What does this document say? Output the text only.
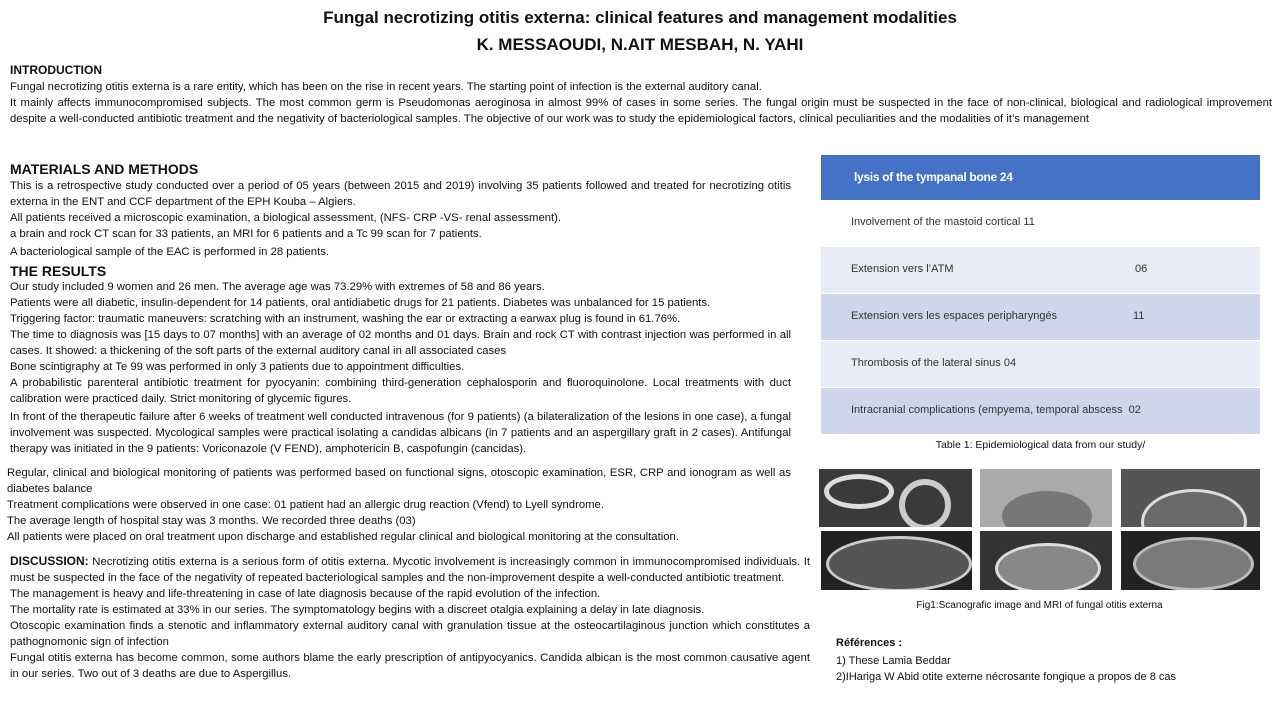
Fungal necrotizing otitis externa: clinical features and management modalities
K. MESSAOUDI, N.AIT MESBAH, N. YAHI
INTRODUCTION
Fungal necrotizing otitis externa is a rare entity, which has been on the rise in recent years. The starting point of infection is the external auditory canal.
It mainly affects immunocompromised subjects. The most common germ is Pseudomonas aeroginosa in almost 99% of cases in some series. The fungal origin must be suspected in the face of non-clinical, biological and radiological improvement despite a well-conducted antibiotic treatment and the negativity of bacteriological samples. The objective of our work was to study the epidemiological factors, clinical peculiarities and the modalities of it’s management
MATERIALS AND METHODS
This is a retrospective study conducted over a period of 05 years (between 2015 and 2019) involving 35 patients followed and treated for necrotizing otitis externa in the ENT and CCF department of the EPH Kouba – Algiers.
All patients received a microscopic examination, a biological assessment, (NFS- CRP -VS- renal assessment).
a brain and rock CT scan for 33 patients, an MRI for 6 patients and a Tc 99 scan for 7 patients.
A bacteriological sample of the EAC is performed in 28 patients.
THE RESULTS
Our study included 9 women and 26 men. The average age was 73.29% with extremes of 58 and 86 years.
Patients were all diabetic, insulin-dependent for 14 patients, oral antidiabetic drugs for 21 patients. Diabetes was unbalanced for 15 patients.
Triggering factor: traumatic maneuvers: scratching with an instrument, washing the ear or extracting a earwax plug is found in 61.76%.
The time to diagnosis was [15 days to 07 months] with an average of 02 months and 01 days. Brain and rock CT with contrast injection was performed in all cases. It showed: a thickening of the soft parts of the external auditory canal in all associated cases
Bone scintigraphy at Te 99 was performed in only 3 patients due to appointment difficulties.
A probabilistic parenteral antibiotic treatment for pyocyanin: combining third-generation cephalosporin and fluoroquinolone. Local treatments with duct calibration were practiced daily. Strict monitoring of glycemic figures.
In front of the therapeutic failure after 6 weeks of treatment well conducted intravenous (for 9 patients) (a bilateralization of the lesions in one case), a fungal involvement was suspected. Mycological samples were practical isolating a candidas albicans (in 7 patients and an aspergillary graft in 2 cases). Antifungal therapy was initiated in the 9 patients: Voriconazole (V FEND), amphotericin B, caspofungin (cancidas).
Regular, clinical and biological monitoring of patients was performed based on functional signs, otoscopic examination, ESR, CRP and ionogram as well as diabetes balance
Treatment complications were observed in one case: 01 patient had an allergic drug reaction (Vfend) to Lyell syndrome.
The average length of hospital stay was 3 months. We recorded three deaths (03)
All patients were placed on oral treatment upon discharge and established regular clinical and biological monitoring at the consultation.
DISCUSSION: Necrotizing otitis externa is a serious form of otitis externa. Mycotic involvement is increasingly common in immunocompromised individuals. It must be suspected in the face of the negativity of repeated bacteriological samples and the non-improvement despite a well-conducted antibiotic treatment.
The management is heavy and life-threatening in case of late diagnosis because of the rapid evolution of the infection.
The mortality rate is estimated at 33% in our series. The symptomatology begins with a discreet otalgia explaining a delay in late diagnosis.
Otoscopic examination finds a stenotic and inflammatory external auditory canal with granulation tissue at the osteocartilaginous junction which constitutes a pathognomonic sign of infection
Fungal otitis externa has become common, some authors blame the early prescription of antipyocyanics. Candida albican is the most common causative agent in our series. Two out of 3 deaths are due to Aspergillus.
lysis of the tympanal bone 24
Involvement of the mastoid cortical 11
Extension vers l’ATM	06
Extension vers les espaces peripharyngés	11
Thrombosis of the lateral sinus 04
Intracranial complications (empyema, temporal abscess 02
Table 1: Epidemiological data from our study/
Fig1:Scanografic image and MRI of fungal otitis externa
Références :
1) These Lamia Beddar
2)IHariga W Abid otite externe nécrosante fongique a propos de 8 cas
